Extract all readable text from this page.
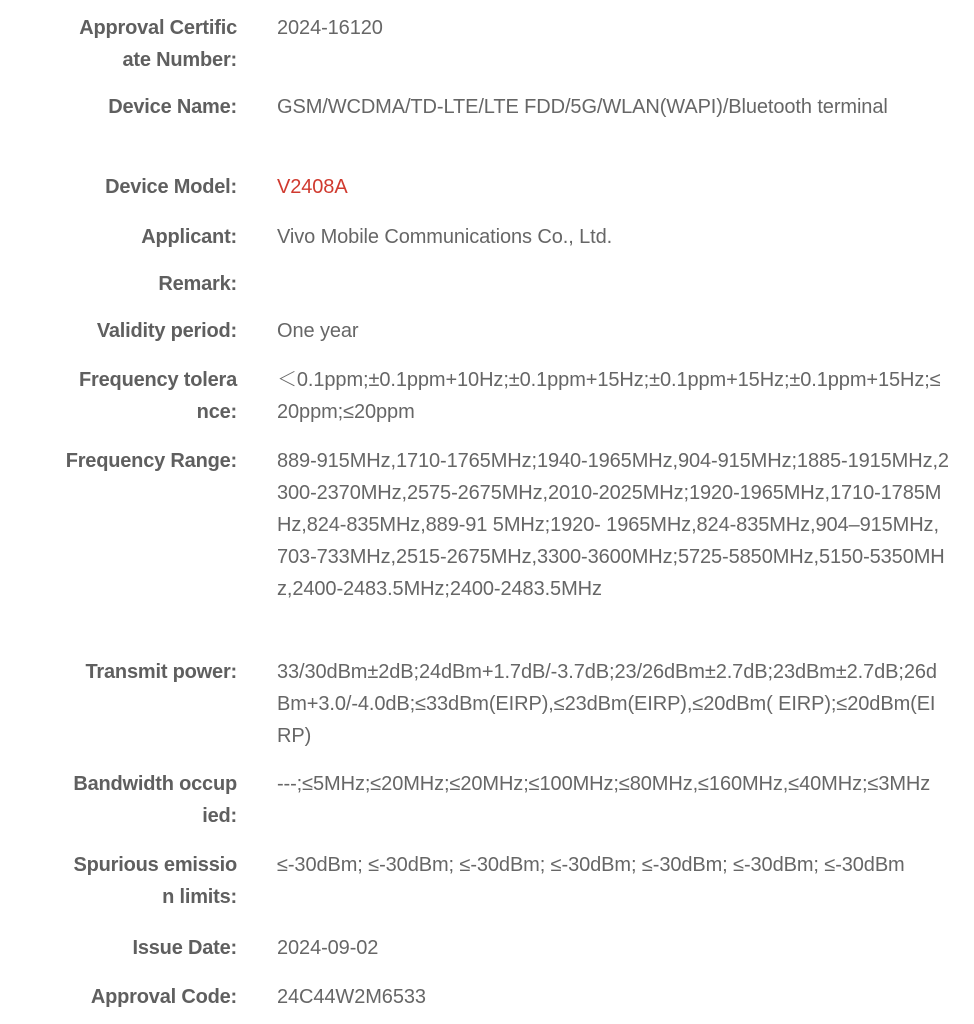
Approval Certific
ate Number:
2024-16120
Device Name: GSM/WCDMA/TD-LTE/LTE FDD/5G/WLAN(WAPI)/Bluetooth terminal
Device Model: V2408A
Applicant: Vivo Mobile Communications Co., Ltd.
Remark:
Validity period: One year
Frequency tolera
nce:
＜0.1ppm;±0.1ppm+10Hz;±0.1ppm+15Hz;±0.1ppm+15Hz;±0.1ppm+15Hz;≤20ppm;≤20ppm
Frequency Range: 889-915MHz,1710-1765MHz;1940-1965MHz,904-915MHz;1885-1915MHz,2300-2370MHz,2575-2675MHz,2010-2025MHz;1920-1965MHz,1710-1785MHz,824-835MHz,889-91 5MHz;1920- 1965MHz,824-835MHz,904–915MHz,703-733MHz,2515-2675MHz,3300-3600MHz;5725-5850MHz,5150-5350MHz,2400-2483.5MHz;2400-2483.5MHz
Transmit power: 33/30dBm±2dB;24dBm+1.7dB/-3.7dB;23/26dBm±2.7dB;23dBm±2.7dB;26dBm+3.0/-4.0dB;≤33dBm(EIRP),≤23dBm(EIRP),≤20dBm( EIRP);≤20dBm(EIRP)
Bandwidth occup
ied:
---;≤5MHz;≤20MHz;≤20MHz;≤100MHz;≤80MHz,≤160MHz,≤40MHz;≤3MHz
Spurious emissio
n limits:
≤-30dBm; ≤-30dBm; ≤-30dBm; ≤-30dBm; ≤-30dBm; ≤-30dBm; ≤-30dBm
Issue Date: 2024-09-02
Approval Code: 24C44W2M6533
